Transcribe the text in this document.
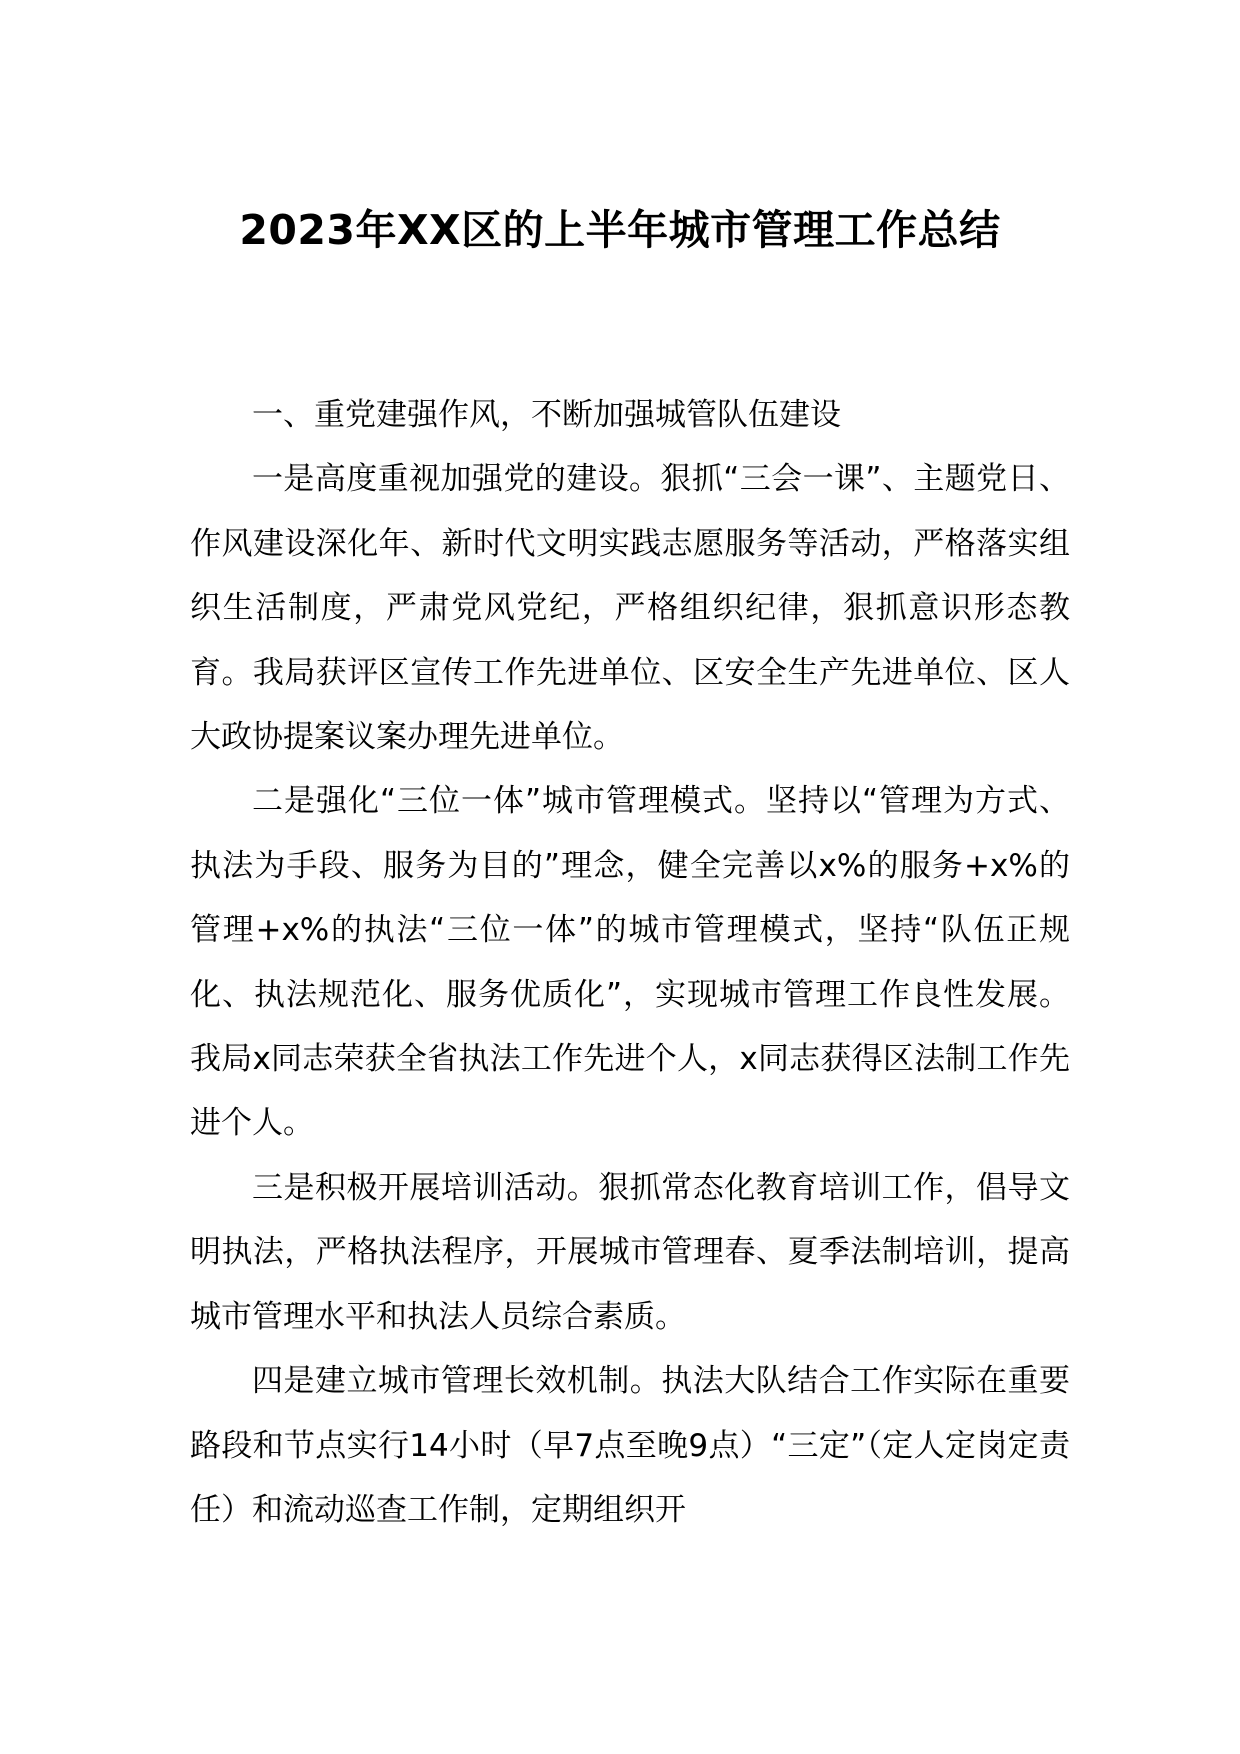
2023年XX区的上半年城市管理工作总结

一、重党建强作风，不断加强城管队伍建设

一是高度重视加强党的建设。狠抓“三会一课”、主题党日、作风建设深化年、新时代文明实践志愿服务等活动，严格落实组织生活制度，严肃党风党纪，严格组织纪律，狠抓意识形态教育。我局获评区宣传工作先进单位、区安全生产先进单位、区人大政协提案议案办理先进单位。

二是强化“三位一体”城市管理模式。坚持以“管理为方式、执法为手段、服务为目的”理念，健全完善以x%的服务+x%的管理+x%的执法“三位一体”的城市管理模式，坚持“队伍正规化、执法规范化、服务优质化”，实现城市管理工作良性发展。我局x同志荣获全省执法工作先进个人，x同志获得区法制工作先进个人。

三是积极开展培训活动。狠抓常态化教育培训工作，倡导文明执法，严格执法程序，开展城市管理春、夏季法制培训，提高城市管理水平和执法人员综合素质。

四是建立城市管理长效机制。执法大队结合工作实际在重要路段和节点实行14小时（早7点至晚9点）“三定”（定人定岗定责任）和流动巡查工作制，定期组织开
